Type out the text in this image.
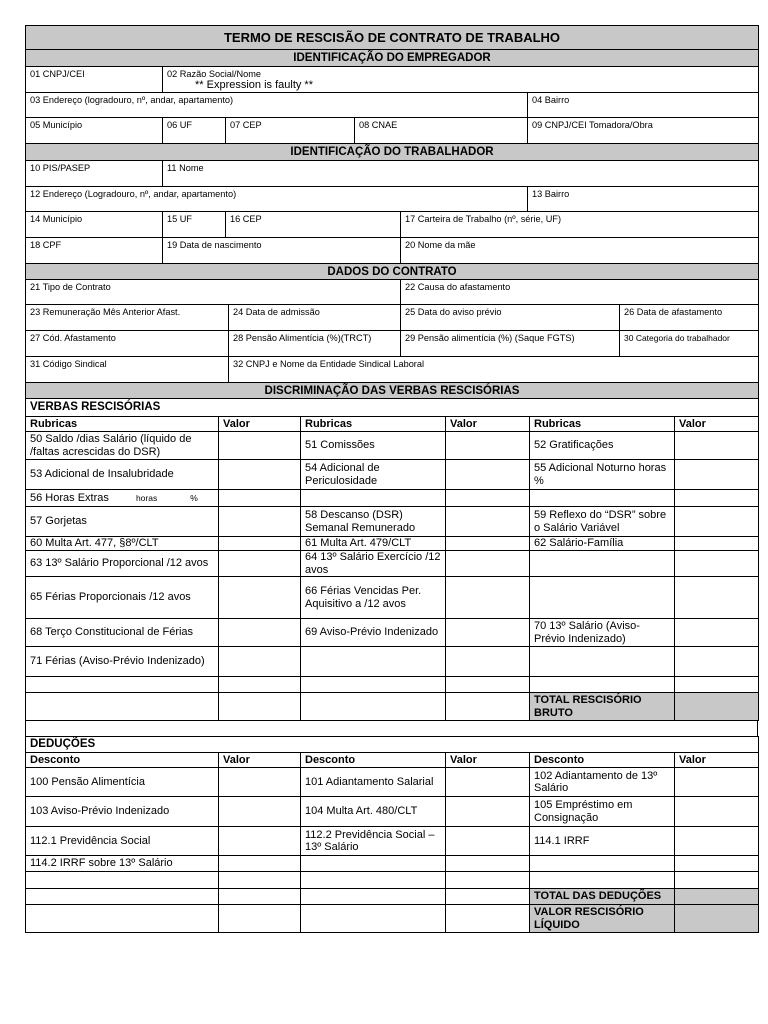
TERMO DE RESCISÃO DE CONTRATO DE TRABALHO							
IDENTIFICAÇÃO DO EMPREGADOR							
01 CNPJ/CEI	02 Razão Social/Nome
** Expression is faulty **						

03 Endereço (logradouro, nº, andar, apartamento)						04 Bairro	
05 Município	06 UF	07 CEP		08 CNAE		09 CNPJ/CEI Tomadora/Obra	
IDENTIFICAÇÃO DO TRABALHADOR							
10 PIS/PASEP	11 Nome						
12 Endereço (Logradouro, nº, andar, apartamento)						13 Bairro	
14 Município	15 UF	16 CEP			17 Carteira de Trabalho (nº, série, UF)		
18 CPF	19 Data de nascimento				20 Nome da mãe		
DADOS DO CONTRATO							
21 Tipo de Contrato					22 Causa do afastamento		
23 Remuneração Mês Anterior Afast.			24 Data de admissão		25 Data do aviso prévio		26 Data de afastamento
27 Cód. Afastamento			28 Pensão Alimentícia (%)(TRCT)		29 Pensão alimentícia (%) (Saque FGTS)		30 Categoria do trabalhador
31 Código Sindical			32 CNPJ e Nome da Entidade Sindical Laboral				
DISCRIMINAÇÃO DAS VERBAS RESCISÓRIAS							
VERBAS RESCISÓRIAS					
Rubricas	Valor	Rubricas	Valor	Rubricas	Valor
50 Saldo /dias Salário (líquido de /faltas acrescidas do DSR)		51 Comissões		52 Gratificações	
53 Adicional de Insalubridade		54 Adicional de Periculosidade		55 Adicional Noturno horas          %	
56 Horas Extras horas %					
57 Gorjetas		58 Descanso (DSR) Semanal Remunerado		59 Reflexo do “DSR” sobre o Salário Variável	
60 Multa Art. 477, §8º/CLT		61 Multa Art. 479/CLT		62 Salário-Família	
63 13º Salário Proporcional /12 avos		64 13º Salário Exercício /12 avos			
65 Férias Proporcionais /12 avos		66 Férias Vencidas Per. Aquisitivo a /12 avos			
68 Terço Constitucional de Férias		69 Aviso-Prévio Indenizado		70 13º Salário (Aviso-Prévio Indenizado)	
71 Férias (Aviso-Prévio Indenizado)					

				TOTAL RESCISÓRIO BRUTO	
DEDUÇÕES					
Desconto	Valor	Desconto	Valor	Desconto	Valor
100 Pensão Alimentícia		101 Adiantamento Salarial		102 Adiantamento de 13º Salário	
103 Aviso-Prévio Indenizado		104 Multa Art. 480/CLT		105 Empréstimo em Consignação	
112.1 Previdência Social		112.2 Previdência Social – 13º Salário		114.1 IRRF	
114.2 IRRF sobre 13º Salário					

				TOTAL DAS DEDUÇÕES	
				VALOR RESCISÓRIO LÍQUIDO	
